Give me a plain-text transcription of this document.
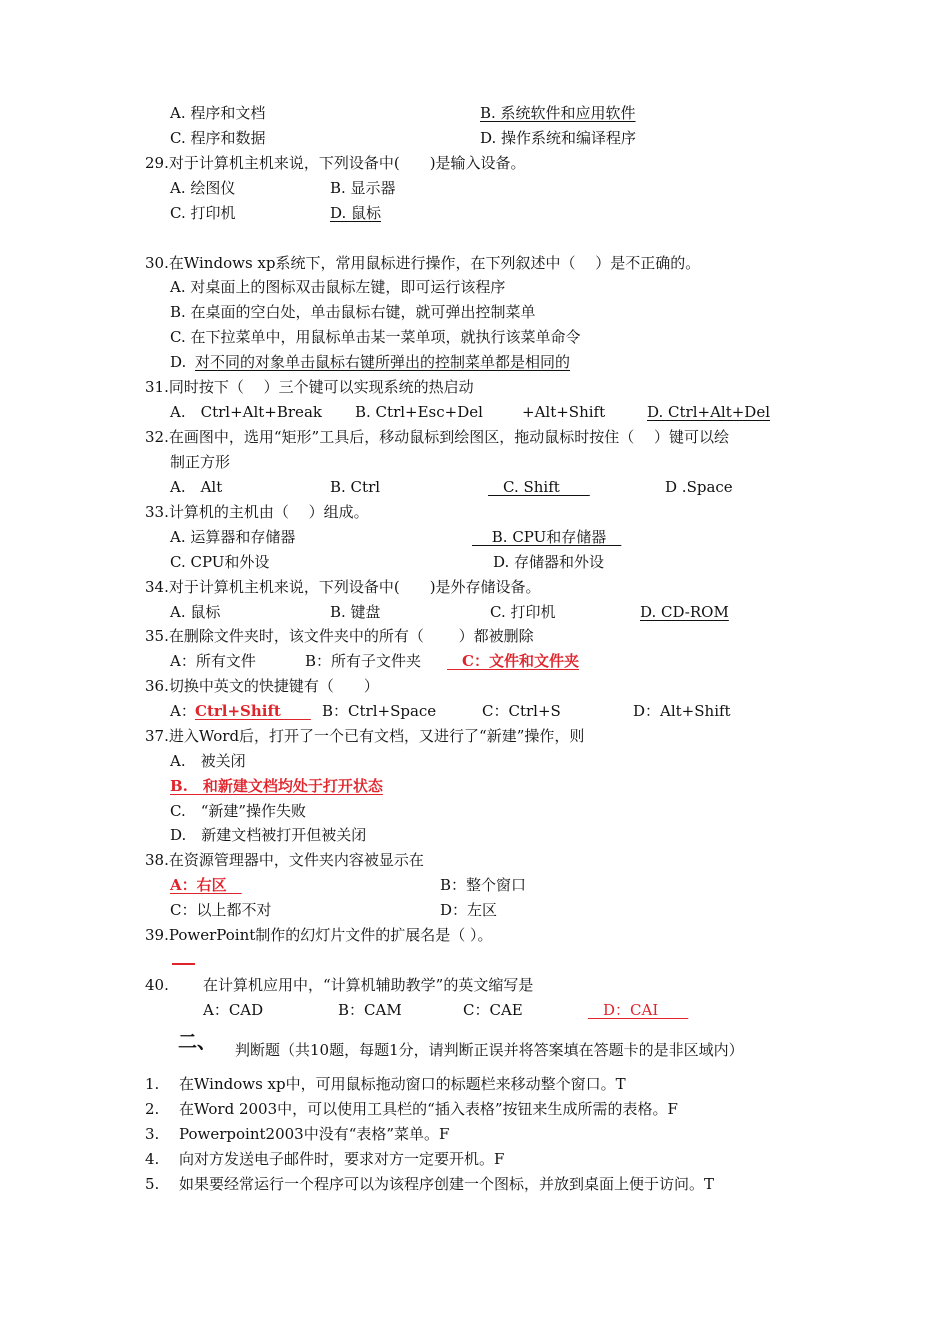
A. 程序和文档	B. 系统软件和应用软件
C. 程序和数据	D. 操作系统和编译程序
29.对于计算机主机来说，下列设备中(　　)是输入设备。
A. 绘图仪	B. 显示器
C. 打印机	D. 鼠标
30.在Windows xp系统下，常用鼠标进行操作，在下列叙述中（　 ）是不正确的。
A. 对桌面上的图标双击鼠标左键，即可运行该程序
B. 在桌面的空白处，单击鼠标右键，就可弹出控制菜单
C. 在下拉菜单中，用鼠标单击某一菜单项，就执行该菜单命令
D. 对不同的对象单击鼠标右键所弹出的控制菜单都是相同的
31.同时按下（　 ）三个键可以实现系统的热启动
A.　Ctrl+Alt+Break B. Ctrl+Esc+Del	+Alt+Shift	D. Ctrl+Alt+Del
32.在画图中，选用“矩形”工具后，移动鼠标到绘图区，拖动鼠标时按住（　 ）键可以绘
制正方形
A.　Alt	B. Ctrl	　C. Shift　　	D .Space
33.计算机的主机由（　 ）组成。
A. 运算器和存储器	　 B. CPU和存储器　
C. CPU和外设	D. 存储器和外设
34.对于计算机主机来说，下列设备中(　　)是外存储设备。
A. 鼠标	B. 键盘	C. 打印机	D. CD-ROM
35.在删除文件夹时，该文件夹中的所有（　　 ）都被删除
A：所有文件	B：所有子文件夹 　C：文件和文件夹
36.切换中英文的快捷键有（　　）
A： Ctrl+Shift　　 B：Ctrl+Space	C：Ctrl+S	D：Alt+Shift
37.进入Word后，打开了一个已有文档，又进行了“新建”操作，则
A.　被关闭
B.　和新建文档均处于打开状态
C.　“新建”操作失败
D.　新建文档被打开但被关闭
38.在资源管理器中，文件夹内容被显示在
A：右区　	B：整个窗口
C：以上都不对	D：左区
39.PowerPoint制作的幻灯片文件的扩展名是（ ）。
40. 在计算机应用中，“计算机辅助教学”的英文缩写是
A：CAD	B：CAM	C：CAE	　D：CAI　　
二、 判断题（共10题，每题1分，请判断正误并将答案填在答题卡的是非区域内）
1. 在Windows xp中，可用鼠标拖动窗口的标题栏来移动整个窗口。T
2. 在Word 2003中，可以使用工具栏的“插入表格”按钮来生成所需的表格。F
3. Powerpoint2003中没有“表格”菜单。F
4. 向对方发送电子邮件时，要求对方一定要开机。F
5. 如果要经常运行一个程序可以为该程序创建一个图标，并放到桌面上便于访问。T
